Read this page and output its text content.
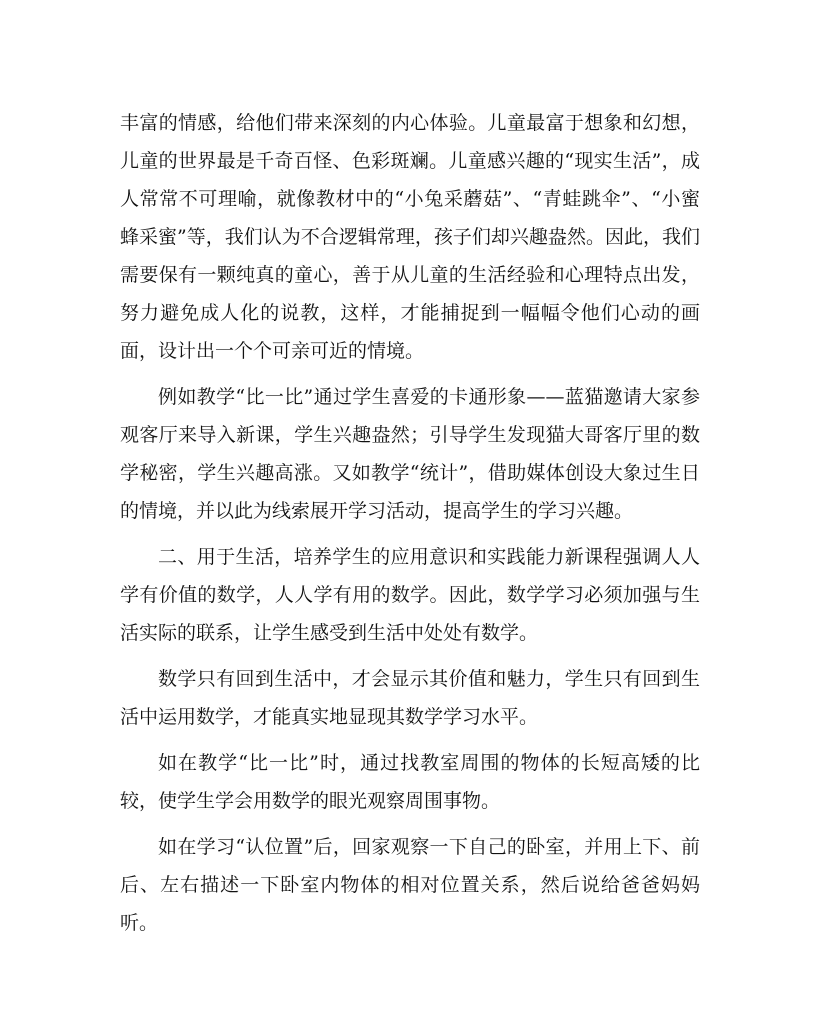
丰富的情感，给他们带来深刻的内心体验。儿童最富于想象和幻想，儿童的世界最是千奇百怪、色彩斑斓。儿童感兴趣的“现实生活”，成人常常不可理喻，就像教材中的“小兔采蘑菇”、“青蛙跳伞”、“小蜜蜂采蜜”等，我们认为不合逻辑常理，孩子们却兴趣盎然。因此，我们需要保有一颗纯真的童心，善于从儿童的生活经验和心理特点出发，努力避免成人化的说教，这样，才能捕捉到一幅幅令他们心动的画面，设计出一个个可亲可近的情境。

例如教学“比一比”通过学生喜爱的卡通形象——蓝猫邀请大家参观客厅来导入新课，学生兴趣盎然；引导学生发现猫大哥客厅里的数学秘密，学生兴趣高涨。又如教学“统计”，借助媒体创设大象过生日的情境，并以此为线索展开学习活动，提高学生的学习兴趣。

二、用于生活，培养学生的应用意识和实践能力新课程强调人人学有价值的数学，人人学有用的数学。因此，数学学习必须加强与生活实际的联系，让学生感受到生活中处处有数学。

数学只有回到生活中，才会显示其价值和魅力，学生只有回到生活中运用数学，才能真实地显现其数学学习水平。

如在教学“比一比”时，通过找教室周围的物体的长短高矮的比较，使学生学会用数学的眼光观察周围事物。

如在学习“认位置”后，回家观察一下自己的卧室，并用上下、前后、左右描述一下卧室内物体的相对位置关系，然后说给爸爸妈妈听。
